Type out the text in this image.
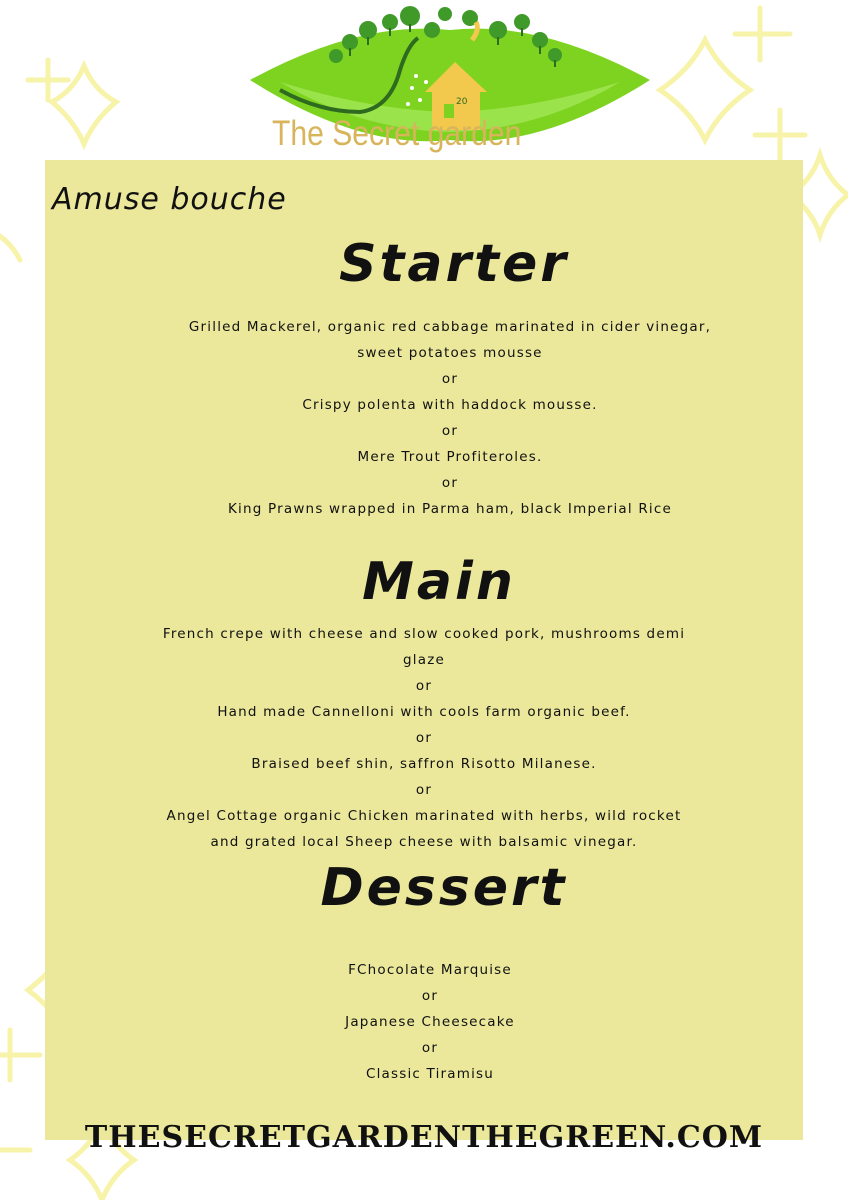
20
The Secret garden
Amuse bouche
Starter
Grilled Mackerel, organic red cabbage marinated in cider vinegar,
sweet potatoes mousse
or
Crispy polenta with haddock mousse.
or
Mere Trout Profiteroles.
or
King Prawns wrapped in Parma ham, black Imperial Rice
Main
French crepe with cheese and slow cooked pork, mushrooms demi
glaze
or
Hand made Cannelloni with cools farm organic beef.
or
Braised beef shin, saffron Risotto Milanese.
or
Angel Cottage organic Chicken marinated with herbs, wild rocket
and grated local Sheep cheese with balsamic vinegar.
Dessert
FChocolate Marquise
or
Japanese Cheesecake
or
Classic Tiramisu
THESECRETGARDENTHEGREEN.COM
